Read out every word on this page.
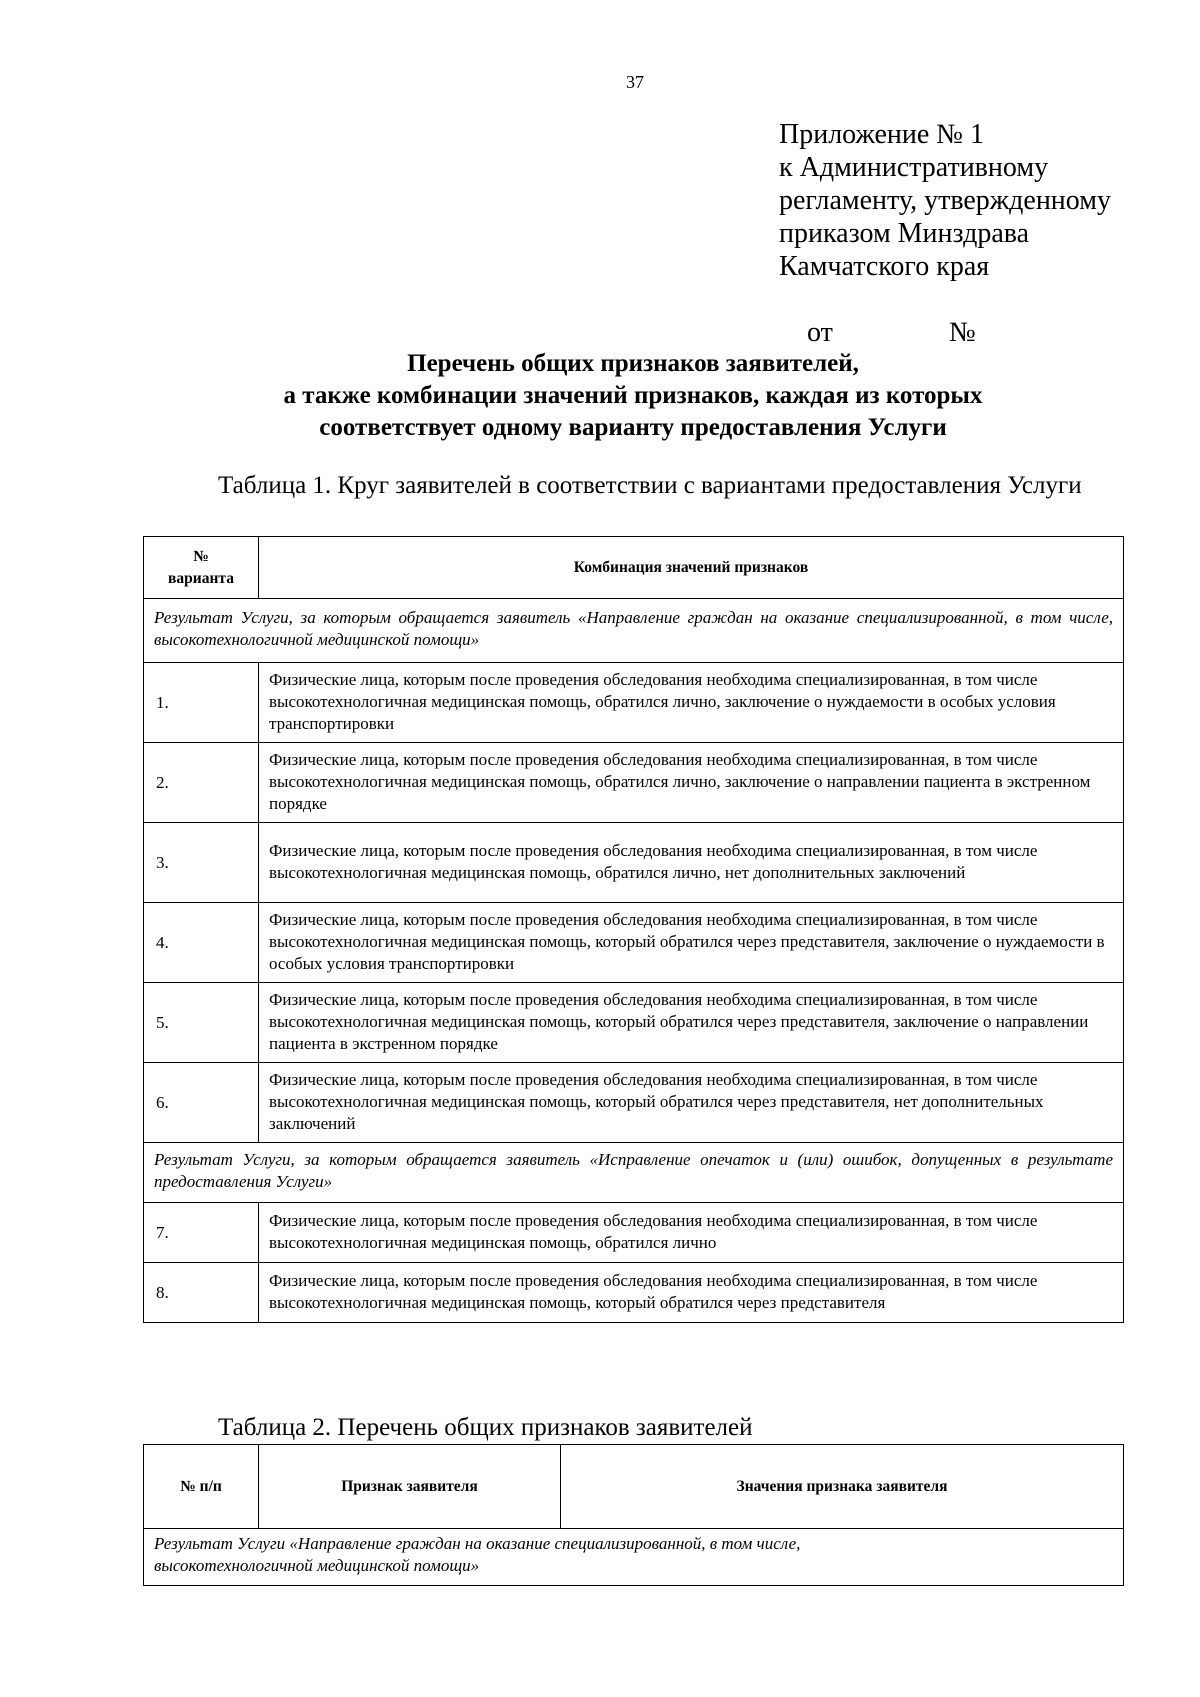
37
Приложение № 1
к Административному
регламенту, утвержденному
приказом Минздрава
Камчатского края

от	№

Перечень общих признаков заявителей,
а также комбинации значений признаков, каждая из которых
соответствует одному варианту предоставления Услуги
Таблица 1. Круг заявителей в соответствии с вариантами предоставления Услуги
№
варианта	Комбинация значений признаков
Результат Услуги, за которым обращается заявитель «Направление граждан на оказание специализированной, в том числе, высокотехнологичной медицинской помощи»	
1.	Физические лица, которым после проведения обследования необходима специализированная, в том числе высокотехнологичная медицинская помощь, обратился лично, заключение о нуждаемости в особых условия транспортировки
2.	Физические лица, которым после проведения обследования необходима специализированная, в том числе высокотехнологичная медицинская помощь, обратился лично, заключение о направлении пациента в экстренном порядке
3.	Физические лица, которым после проведения обследования необходима специализированная, в том числе высокотехнологичная медицинская помощь, обратился лично, нет дополнительных заключений
4.	Физические лица, которым после проведения обследования необходима специализированная, в том числе высокотехнологичная медицинская помощь, который обратился через представителя, заключение о нуждаемости в особых условия транспортировки
5.	Физические лица, которым после проведения обследования необходима специализированная, в том числе высокотехнологичная медицинская помощь, который обратился через представителя, заключение о направлении пациента в экстренном порядке
6.	Физические лица, которым после проведения обследования необходима специализированная, в том числе высокотехнологичная медицинская помощь, который обратился через представителя, нет дополнительных заключений
Результат Услуги, за которым обращается заявитель «Исправление опечаток и (или) ошибок, допущенных в результате предоставления Услуги»	
7.	Физические лица, которым после проведения обследования необходима специализированная, в том числе высокотехнологичная медицинская помощь, обратился лично
8.	Физические лица, которым после проведения обследования необходима специализированная, в том числе высокотехнологичная медицинская помощь, который обратился через представителя
Таблица 2. Перечень общих признаков заявителей
№ п/п	Признак заявителя	Значения признака заявителя
Результат Услуги «Направление граждан на оказание специализированной, в том числе, высокотехнологичной медицинской помощи»
